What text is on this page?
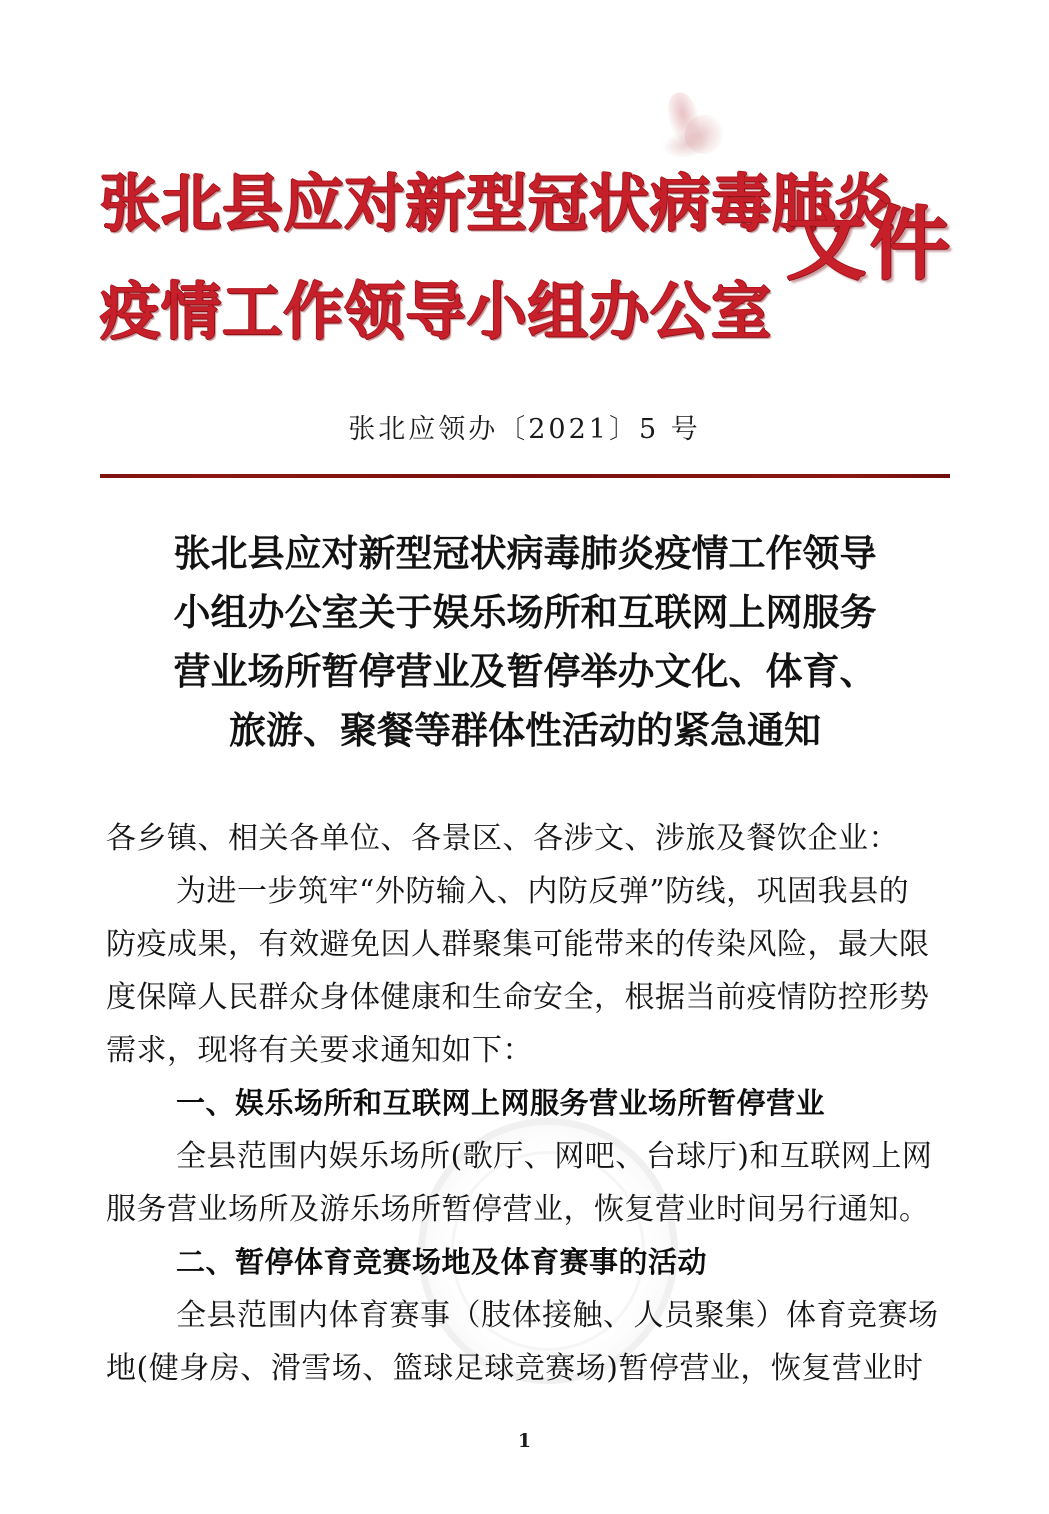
张北县应对新型冠状病毒肺炎
疫情工作领导小组办公室
文件
张北应领办〔2021〕5 号
张北县应对新型冠状病毒肺炎疫情工作领导
小组办公室关于娱乐场所和互联网上网服务
营业场所暂停营业及暂停举办文化、体育、
旅游、聚餐等群体性活动的紧急通知
各乡镇、相关各单位、各景区、各涉文、涉旅及餐饮企业：
为进一步筑牢“外防输入、内防反弹”防线，巩固我县的
防疫成果，有效避免因人群聚集可能带来的传染风险，最大限
度保障人民群众身体健康和生命安全，根据当前疫情防控形势
需求，现将有关要求通知如下：
一、娱乐场所和互联网上网服务营业场所暂停营业
全县范围内娱乐场所(歌厅、网吧、台球厅)和互联网上网
服务营业场所及游乐场所暂停营业，恢复营业时间另行通知。
二、暂停体育竞赛场地及体育赛事的活动
全县范围内体育赛事（肢体接触、人员聚集）体育竞赛场
地(健身房、滑雪场、篮球足球竞赛场)暂停营业，恢复营业时
1
